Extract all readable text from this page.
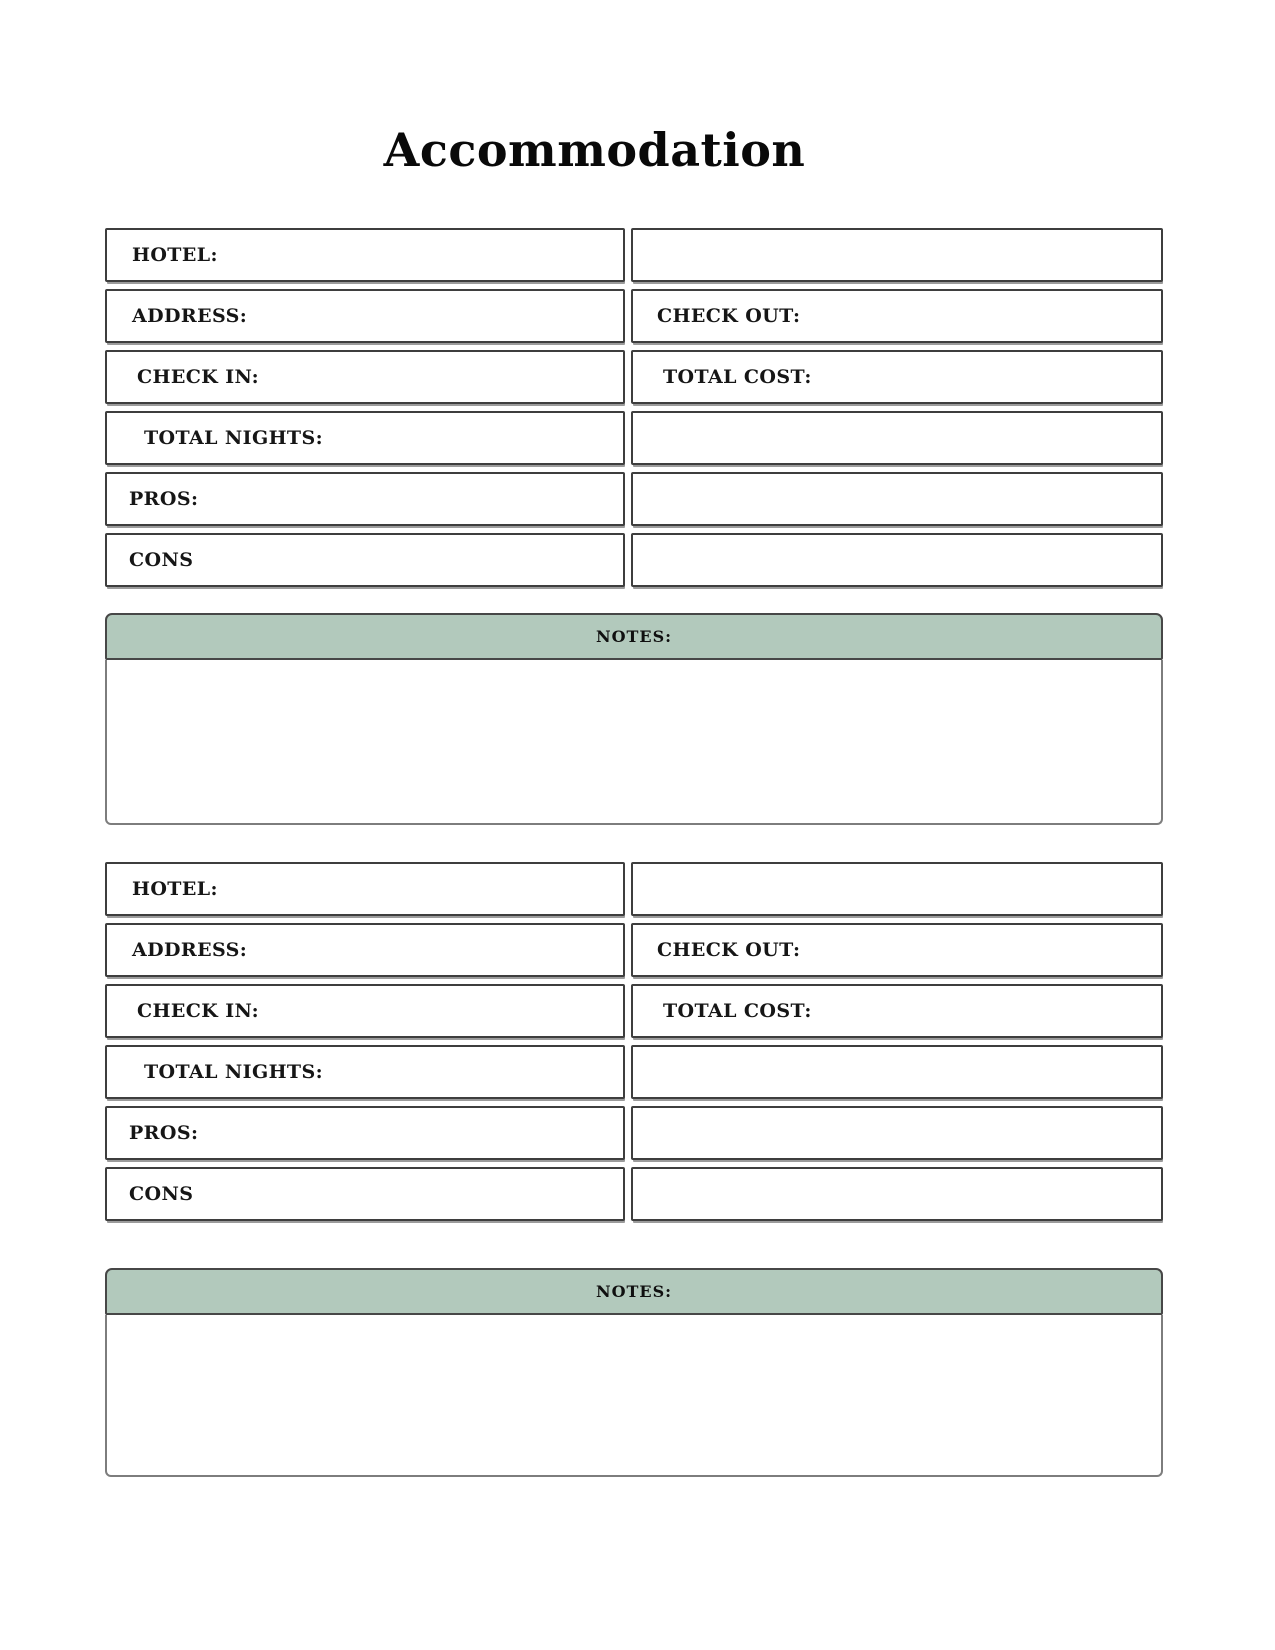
Accommodation
HOTEL:
ADDRESS:	CHECK OUT:
CHECK IN:	TOTAL COST:
TOTAL NIGHTS:
PROS:
CONS
NOTES:
HOTEL:
ADDRESS:	CHECK OUT:
CHECK IN:	TOTAL COST:
TOTAL NIGHTS:
PROS:
CONS
NOTES:
